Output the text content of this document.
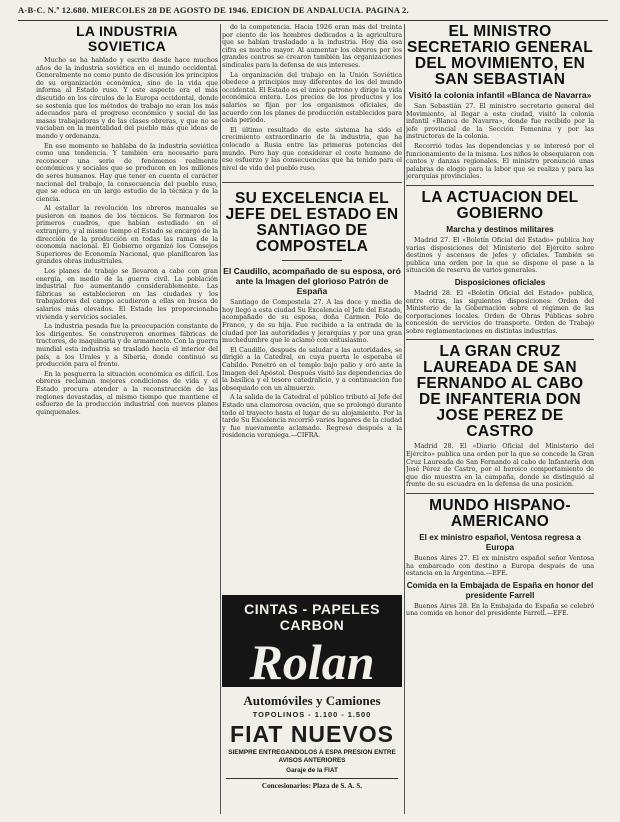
A-B-C. N.º 12.680. MIERCOLES 28 DE AGOSTO DE 1946. EDICION DE ANDALUCIA. PAGINA 2.
LA INDUSTRIA SOVIETICA

Mucho se ha hablado y escrito desde hace muchos años de la industria soviética en el mundo occidental. Generalmente no como punto de discusión los principios de su organización económica, sino de la vida que informa al Estado ruso. Y este aspecto era el más discutido en los círculos de la Europa occidental, donde se sostenía que los métodos de trabajo no eran los más adecuados para el progreso económico y social de las masas trabajadoras y de las clases obreras, y que no se vaciaban en la mentalidad del pueblo más que ideas de mando y ordenanza.

En ese momento se hablaba de la industria soviética como una tendencia. Y también era necesario para reconocer una serie de fenómenos realmente económicos y sociales que se producen en los millones de seres humanos. Hay que tener en cuenta el carácter nacional del trabajo, la consecuencia del pueblo ruso, que se educa en un largo estudio de la técnica y de la ciencia.

Al estallar la revolución los obreros manuales se pusieron en manos de los técnicos. Se formaron los primeros cuadros, que habían estudiado en el extranjero, y al mismo tiempo el Estado se encargó de la dirección de la producción en todas las ramas de la economía nacional. El Gobierno organizó los Consejos Superiores de Economía Nacional, que planificaron las grandes obras industriales.

Los planes de trabajo se llevaron a cabo con gran energía, en medio de la guerra civil. La población industrial fue aumentando considerablemente. Las fábricas se establecieron en las ciudades y los trabajadores del campo acudieron a ellas en busca de salarios más elevados. El Estado les proporcionaba vivienda y servicios sociales.

La industria pesada fue la preocupación constante de los dirigentes. Se construyeron enormes fábricas de tractores, de maquinaria y de armamento. Con la guerra mundial esta industria se trasladó hacia el interior del país, a los Urales y a Siberia, donde continuó su producción para el frente.

En la posguerra la situación económica es difícil. Los obreros reclaman mejores condiciones de vida y el Estado procura atender a la reconstrucción de las regiones devastadas, al mismo tiempo que mantiene el esfuerzo de la producción industrial con nuevos planes quinquenales.

de la competencia. Hacia 1926 eran más del treinta por ciento de los hombres dedicados a la agricultura que se habían trasladado a la industria. Hoy día esa cifra es mucho mayor. Al aumentar los obreros por los grandes centros se crearon también las organizaciones sindicales para la defensa de sus intereses.

La organización del trabajo en la Unión Soviética obedece a principios muy diferentes de los del mundo occidental. El Estado es el único patrono y dirige la vida económica entera. Los precios de los productos y los salarios se fijan por los organismos oficiales, de acuerdo con los planes de producción establecidos para cada período.

El último resultado de este sistema ha sido el crecimiento extraordinario de la industria, que ha colocado a Rusia entre las primeras potencias del mundo. Pero hay que considerar el coste humano de ese esfuerzo y las consecuencias que ha tenido para el nivel de vida del pueblo ruso.

SU EXCELENCIA EL JEFE DEL ESTADO EN SANTIAGO DE COMPOSTELA
El Caudillo, acompañado de su esposa, oró ante la Imagen del glorioso Patrón de España

Santiago de Compostela 27. A las doce y media de hoy llegó a esta ciudad Su Excelencia el Jefe del Estado, acompañado de su esposa, doña Carmen Polo de Franco, y de su hija. Fue recibido a la entrada de la ciudad por las autoridades y jerarquías y por una gran muchedumbre que le aclamó con entusiasmo.

El Caudillo, después de saludar a las autoridades, se dirigió a la Catedral, en cuya puerta le esperaba el Cabildo. Penetró en el templo bajo palio y oró ante la Imagen del Apóstol. Después visitó las dependencias de la basílica y el tesoro catedralicio, y a continuación fue obsequiado con un almuerzo.

A la salida de la Catedral el público tributó al Jefe del Estado una clamorosa ovación, que se prolongó durante todo el trayecto hasta el lugar de su alojamiento. Por la tarde Su Excelencia recorrió varios lugares de la ciudad y fue nuevamente aclamado. Regresó después a la residencia veraniega.—CIFRA.

CINTAS - PAPELES CARBON
Rolan
Automóviles y Camiones
TOPOLINOS - 1.100 - 1.500
FIAT NUEVOS
SIEMPRE ENTREGANDOLOS A ESPA PRESION ENTRE AVISOS ANTERIORES
Garaje de la FIAT
Concesionarios: Plaza de S. A. S.
EL MINISTRO SECRETARIO GENERAL DEL MOVIMIENTO, EN SAN SEBASTIAN
Visitó la colonia infantil «Blanca de Navarra»

San Sebastián 27. El ministro secretario general del Movimiento, al llegar a esta ciudad, visitó la colonia infantil «Blanca de Navarra», donde fue recibido por la jefe provincial de la Sección Femenina y por las instructoras de la colonia.

Recorrió todas las dependencias y se interesó por el funcionamiento de la misma. Los niños le obsequiaron con cantos y danzas regionales. El ministro pronunció unas palabras de elogio para la labor que se realiza y para las jerarquías provinciales.

LA ACTUACION DEL GOBIERNO
Marcha y destinos militares

Madrid 27. El «Boletín Oficial del Estado» publica hoy varias disposiciones del Ministerio del Ejército sobre destinos y ascensos de jefes y oficiales. También se publica una orden por la que se dispone el pase a la situación de reserva de varios generales.

Disposiciones oficiales

Madrid 28. El «Boletín Oficial del Estado» publica, entre otras, las siguientes disposiciones: Orden del Ministerio de la Gobernación sobre el régimen de las corporaciones locales. Orden de Obras Públicas sobre concesión de servicios de transporte. Orden de Trabajo sobre reglamentaciones en distintas industrias.

LA GRAN CRUZ LAUREADA DE SAN FERNANDO AL CABO DE INFANTERIA DON JOSE PEREZ DE CASTRO

Madrid 28. El «Diario Oficial del Ministerio del Ejército» publica una orden por la que se concede la Gran Cruz Laureada de San Fernando al cabo de Infantería don José Pérez de Castro, por el heroico comportamiento de que dio muestra en la campaña, donde se distinguió al frente de su escuadra en la defensa de una posición.

MUNDO HISPANO-AMERICANO
El ex ministro español, Ventosa regresa a Europa

Buenos Aires 27. El ex ministro español señor Ventosa ha embarcado con destino a Europa después de una estancia en la Argentina.—EFE.

Comida en la Embajada de España en honor del presidente Farrell

Buenos Aires 28. En la Embajada de España se celebró una comida en honor del presidente Farrell.—EFE.
